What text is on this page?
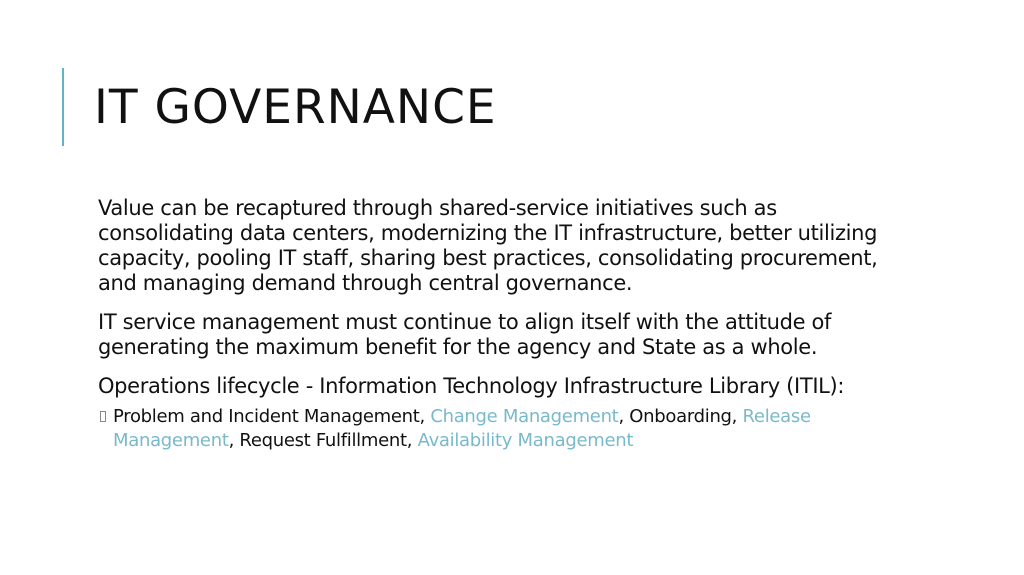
IT GOVERNANCE

Value can be recaptured through shared-service initiatives such as consolidating data centers, modernizing the IT infrastructure, better utilizing capacity, pooling IT staff, sharing best practices, consolidating procurement, and managing demand through central governance.

IT service management must continue to align itself with the attitude of generating the maximum benefit for the agency and State as a whole.

Operations lifecycle - Information Technology Infrastructure Library (ITIL):

Problem and Incident Management, Change Management, Onboarding, Release Management, Request Fulfillment, Availability Management
